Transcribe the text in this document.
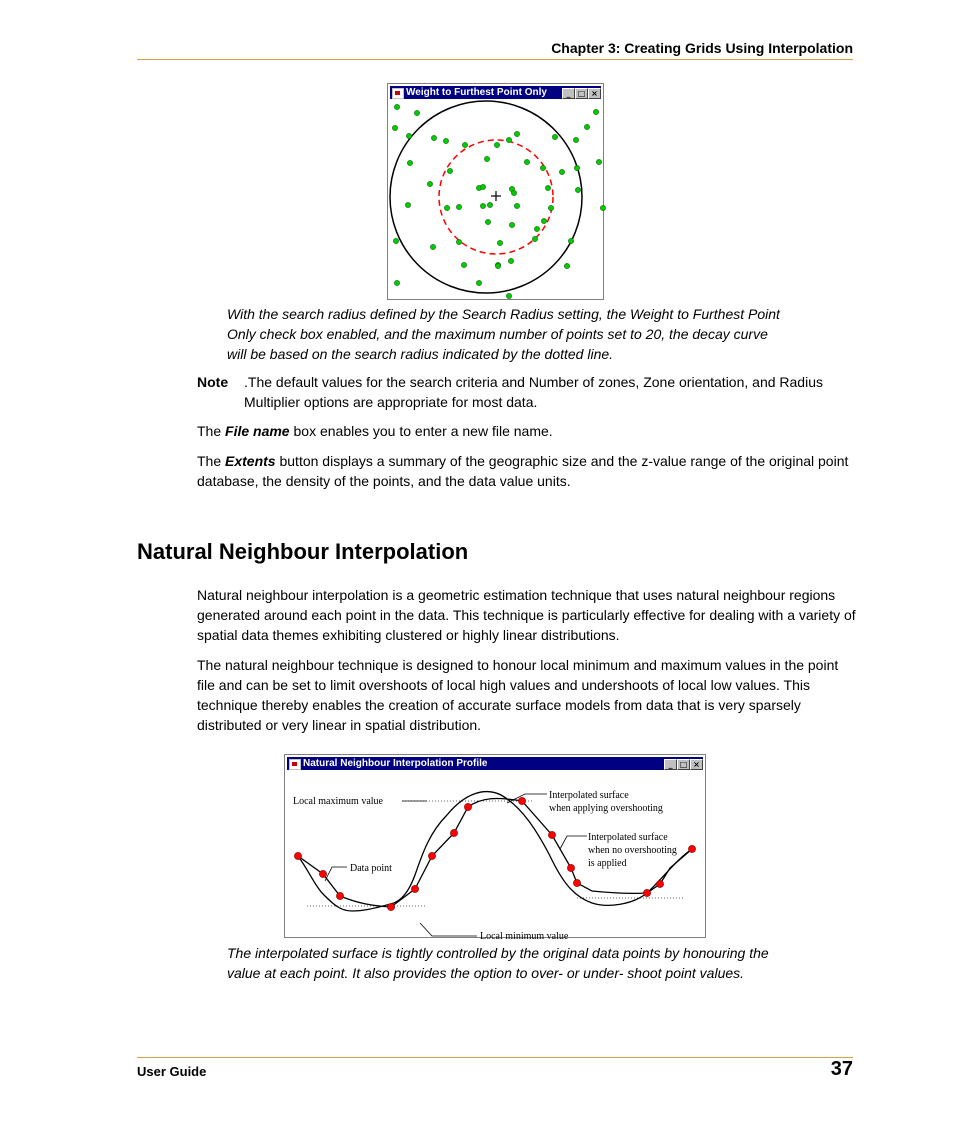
Chapter 3: Creating Grids Using Interpolation
Weight to Furthest Point Only	_ □ ×
With the search radius defined by the Search Radius setting, the Weight to Furthest Point Only check box enabled, and the maximum number of points set to 20, the decay curve will be based on the search radius indicated by the dotted line.
Note .The default values for the search criteria and Number of zones, Zone orientation, and Radius Multiplier options are appropriate for most data.
The File name box enables you to enter a new file name.
The Extents button displays a summary of the geographic size and the z-value range of the original point database, the density of the points, and the data value units.
Natural Neighbour Interpolation
Natural neighbour interpolation is a geometric estimation technique that uses natural neighbour regions generated around each point in the data. This technique is particularly effective for dealing with a variety of spatial data themes exhibiting clustered or highly linear distributions.
The natural neighbour technique is designed to honour local minimum and maximum values in the point file and can be set to limit overshoots of local high values and undershoots of local low values. This technique thereby enables the creation of accurate surface models from data that is very sparsely distributed or very linear in spatial distribution.
Natural Neighbour Interpolation Profile	_ □ ×
Local maximum value
Interpolated surface
when applying overshooting
Interpolated surface
when no overshooting
is applied
Data point
Local minimum value
The interpolated surface is tightly controlled by the original data points by honouring the value at each point. It also provides the option to over- or under- shoot point values.
User Guide	37
